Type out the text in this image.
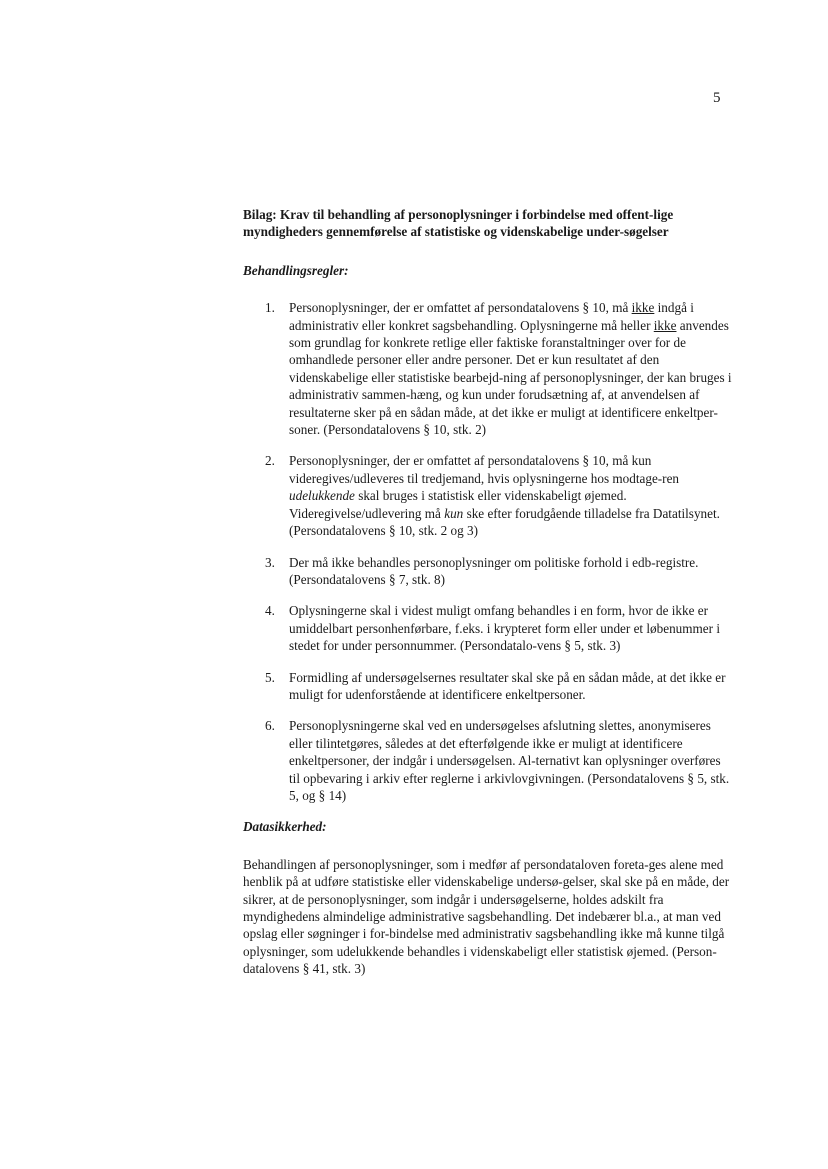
5

Bilag: Krav til behandling af personoplysninger i forbindelse med offent-lige myndigheders gennemførelse af statistiske og videnskabelige under-søgelser

Behandlingsregler:

1. Personoplysninger, der er omfattet af persondatalovens § 10, må ikke indgå i administrativ eller konkret sagsbehandling. Oplysningerne må heller ikke anvendes som grundlag for konkrete retlige eller faktiske foranstaltninger over for de omhandlede personer eller andre personer. Det er kun resultatet af den videnskabelige eller statistiske bearbejd-ning af personoplysninger, der kan bruges i administrativ sammen-hæng, og kun under forudsætning af, at anvendelsen af resultaterne sker på en sådan måde, at det ikke er muligt at identificere enkeltper-soner. (Persondatalovens § 10, stk. 2)
2. Personoplysninger, der er omfattet af persondatalovens § 10, må kun videregives/udleveres til tredjemand, hvis oplysningerne hos modtage-ren udelukkende skal bruges i statistisk eller videnskabeligt øjemed. Videregivelse/udlevering må kun ske efter forudgående tilladelse fra Datatilsynet. (Persondatalovens § 10, stk. 2 og 3)
3. Der må ikke behandles personoplysninger om politiske forhold i edb-registre. (Persondatalovens § 7, stk. 8)
4. Oplysningerne skal i videst muligt omfang behandles i en form, hvor de ikke er umiddelbart personhenførbare, f.eks. i krypteret form eller under et løbenummer i stedet for under personnummer. (Persondatalo-vens § 5, stk. 3)
5. Formidling af undersøgelsernes resultater skal ske på en sådan måde, at det ikke er muligt for udenforstående at identificere enkeltpersoner.
6. Personoplysningerne skal ved en undersøgelses afslutning slettes, anonymiseres eller tilintetgøres, således at det efterfølgende ikke er muligt at identificere enkeltpersoner, der indgår i undersøgelsen. Al-ternativt kan oplysninger overføres til opbevaring i arkiv efter reglerne i arkivlovgivningen. (Persondatalovens § 5, stk. 5, og § 14)

Datasikkerhed:

Behandlingen af personoplysninger, som i medfør af persondataloven foreta-ges alene med henblik på at udføre statistiske eller videnskabelige undersø-gelser, skal ske på en måde, der sikrer, at de personoplysninger, som indgår i undersøgelserne, holdes adskilt fra myndighedens almindelige administrative sagsbehandling. Det indebærer bl.a., at man ved opslag eller søgninger i for-bindelse med administrativ sagsbehandling ikke må kunne tilgå oplysninger, som udelukkende behandles i videnskabeligt eller statistisk øjemed. (Person-datalovens § 41, stk. 3)
